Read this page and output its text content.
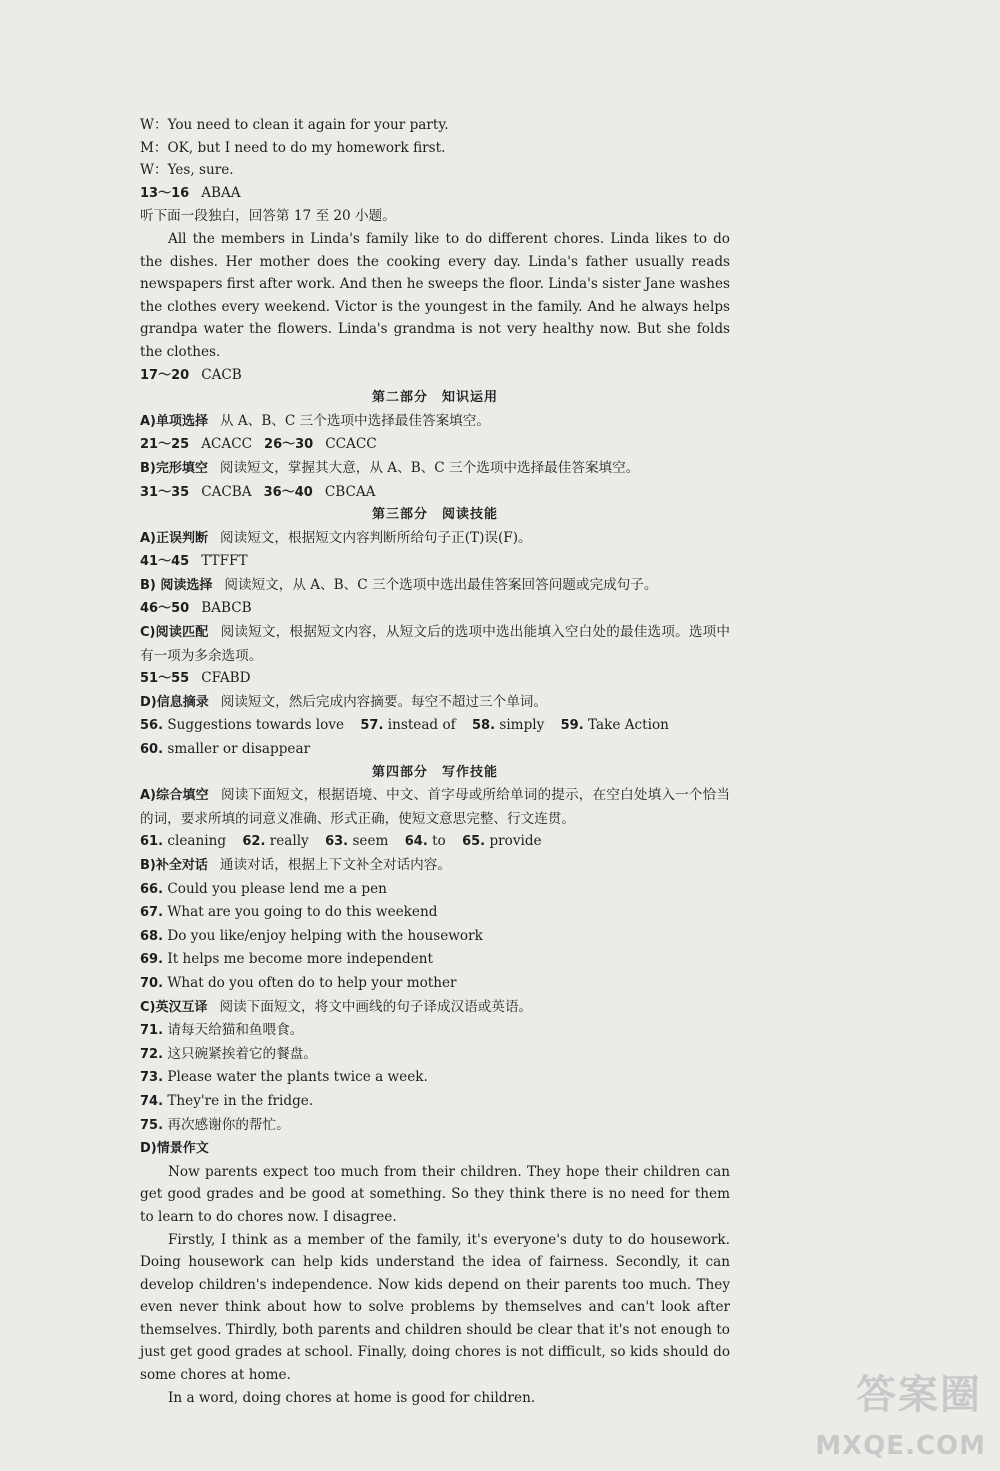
W：You need to clean it again for your party.
M：OK, but I need to do my homework first.
W：Yes, sure.
13～16 ABAA
听下面一段独白，回答第 17 至 20 小题。
All the members in Linda's family like to do different chores. Linda likes to do the dishes. Her mother does the cooking every day. Linda's father usually reads newspapers first after work. And then he sweeps the floor. Linda's sister Jane washes the clothes every weekend. Victor is the youngest in the family. And he always helps grandpa water the flowers. Linda's grandma is not very healthy now. But she folds the clothes.
17～20 CACB
第二部分　知识运用
A)单项选择 从 A、B、C 三个选项中选择最佳答案填空。
21～25 ACACC 26～30 CCACC
B)完形填空 阅读短文，掌握其大意，从 A、B、C 三个选项中选择最佳答案填空。
31～35 CACBA 36～40 CBCAA
第三部分　阅读技能
A)正误判断 阅读短文，根据短文内容判断所给句子正(T)误(F)。
41～45 TTFFT
B) 阅读选择 阅读短文，从 A、B、C 三个选项中选出最佳答案回答问题或完成句子。
46～50 BABCB
C)阅读匹配 阅读短文，根据短文内容，从短文后的选项中选出能填入空白处的最佳选项。选项中有一项为多余选项。
51～55 CFABD
D)信息摘录 阅读短文，然后完成内容摘要。每空不超过三个单词。
56. Suggestions towards love 57. instead of 58. simply 59. Take Action
60. smaller or disappear
第四部分　写作技能
A)综合填空 阅读下面短文，根据语境、中文、首字母或所给单词的提示，在空白处填入一个恰当的词，要求所填的词意义准确、形式正确，使短文意思完整、行文连贯。
61. cleaning 62. really 63. seem 64. to 65. provide
B)补全对话 通读对话，根据上下文补全对话内容。
66. Could you please lend me a pen
67. What are you going to do this weekend
68. Do you like/enjoy helping with the housework
69. It helps me become more independent
70. What do you often do to help your mother
C)英汉互译 阅读下面短文，将文中画线的句子译成汉语或英语。
71. 请每天给猫和鱼喂食。
72. 这只碗紧挨着它的餐盘。
73. Please water the plants twice a week.
74. They're in the fridge.
75. 再次感谢你的帮忙。
D)情景作文
Now parents expect too much from their children. They hope their children can get good grades and be good at something. So they think there is no need for them to learn to do chores now. I disagree.
Firstly, I think as a member of the family, it's everyone's duty to do housework. Doing housework can help kids understand the idea of fairness. Secondly, it can develop children's independence. Now kids depend on their parents too much. They even never think about how to solve problems by themselves and can't look after themselves. Thirdly, both parents and children should be clear that it's not enough to just get good grades at school. Finally, doing chores is not difficult, so kids should do some chores at home.
In a word, doing chores at home is good for children.	答案圈
MXQE.COM
